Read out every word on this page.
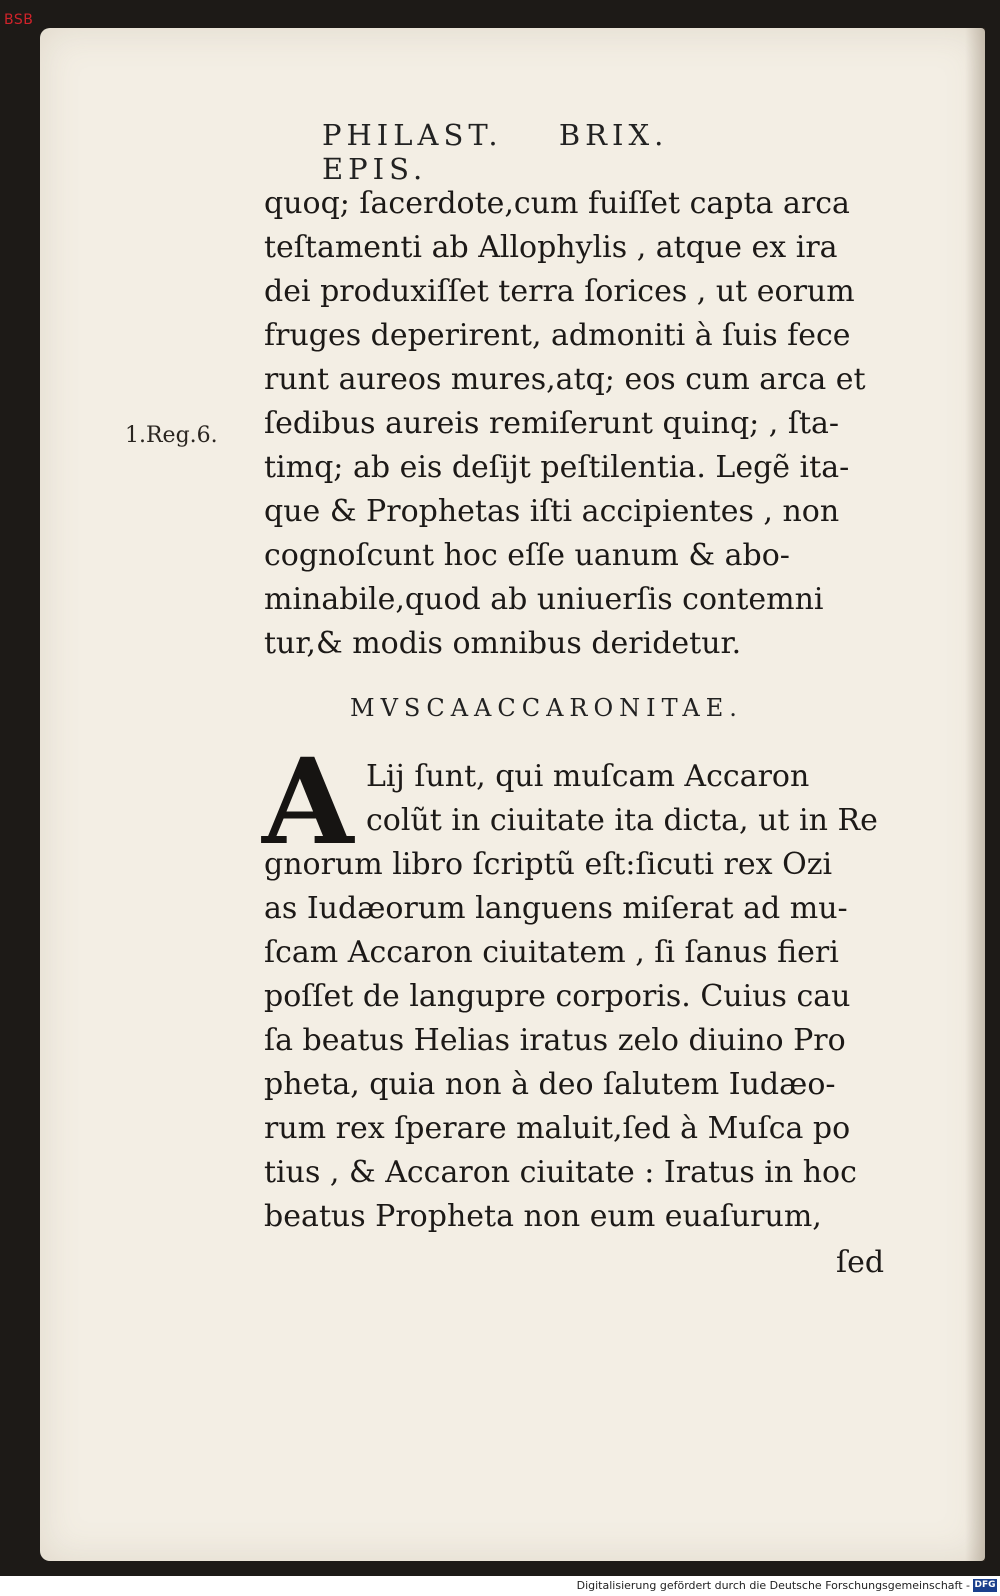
BSB
PHILAST. BRIX. EPIS.
1.Reg.6.
quoq; ſacerdote,cum fuiſſet capta arca
teſtamenti ab Allophylis , atque ex ira
dei produxiſſet terra ſorices , ut eorum
fruges deperirent, admoniti à ſuis fece
runt aureos mures,atq; eos cum arca et
ſedibus aureis remiſerunt quinq; , ſta-
timq; ab eis deſijt peſtilentia. Legẽ ita-
que & Prophetas iſti accipientes , non
cognoſcunt hoc eſſe uanum & abo-
minabile,quod ab uniuerſis contemni
tur,& modis omnibus deridetur.
MVSCAACCARONITAE.
A Lij ſunt, qui muſcam Accaron
colũt in ciuitate ita dicta, ut in Re
gnorum libro ſcriptũ eſt:ſicuti rex Ozi
as Iudæorum languens miſerat ad mu-
ſcam Accaron ciuitatem , ſi ſanus fieri
poſſet de langupre corporis. Cuius cau
ſa beatus Helias iratus zelo diuino Pro
pheta, quia non à deo ſalutem Iudæo-
rum rex ſperare maluit,ſed à Muſca po
tius , & Accaron ciuitate : Iratus in hoc
beatus Propheta non eum euaſurum,
ſed
Digitalisierung gefördert durch die Deutsche Forschungsgemeinschaft - DFG
